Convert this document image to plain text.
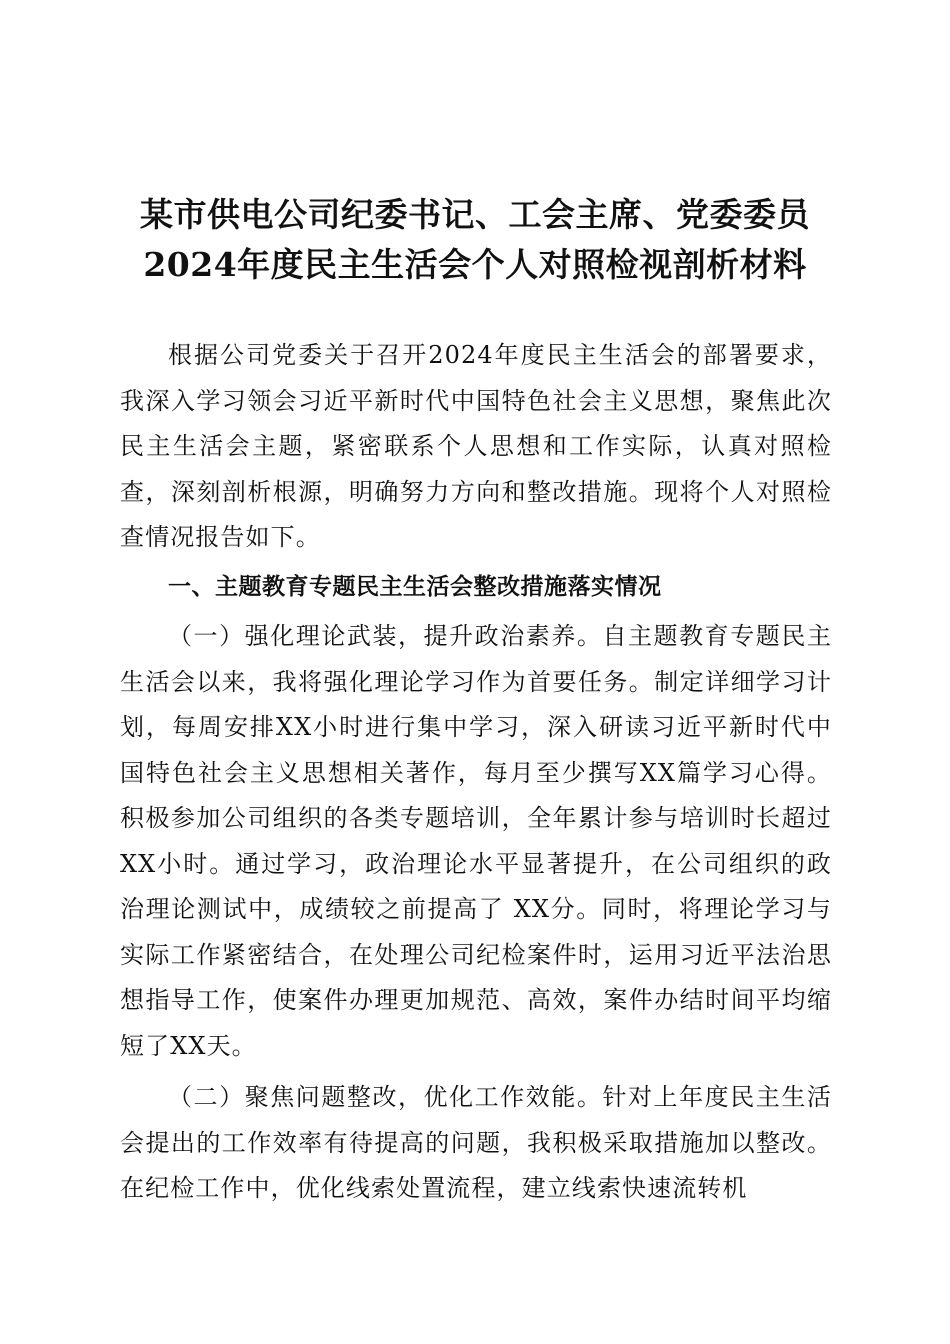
某市供电公司纪委书记、工会主席、党委委员
2024年度民主生活会个人对照检视剖析材料

根据公司党委关于召开2024年度民主生活会的部署要求，我深入学习领会习近平新时代中国特色社会主义思想，聚焦此次民主生活会主题，紧密联系个人思想和工作实际，认真对照检查，深刻剖析根源，明确努力方向和整改措施。现将个人对照检查情况报告如下。

一、主题教育专题民主生活会整改措施落实情况

（一）强化理论武装，提升政治素养。自主题教育专题民主生活会以来，我将强化理论学习作为首要任务。制定详细学习计划，每周安排XX小时进行集中学习，深入研读习近平新时代中国特色社会主义思想相关著作，每月至少撰写XX篇学习心得。积极参加公司组织的各类专题培训，全年累计参与培训时长超过XX小时。通过学习，政治理论水平显著提升，在公司组织的政治理论测试中，成绩较之前提高了 XX分。同时，将理论学习与实际工作紧密结合，在处理公司纪检案件时，运用习近平法治思想指导工作，使案件办理更加规范、高效，案件办结时间平均缩短了XX天。

（二）聚焦问题整改，优化工作效能。针对上年度民主生活会提出的工作效率有待提高的问题，我积极采取措施加以整改。在纪检工作中，优化线索处置流程，建立线索快速流转机
